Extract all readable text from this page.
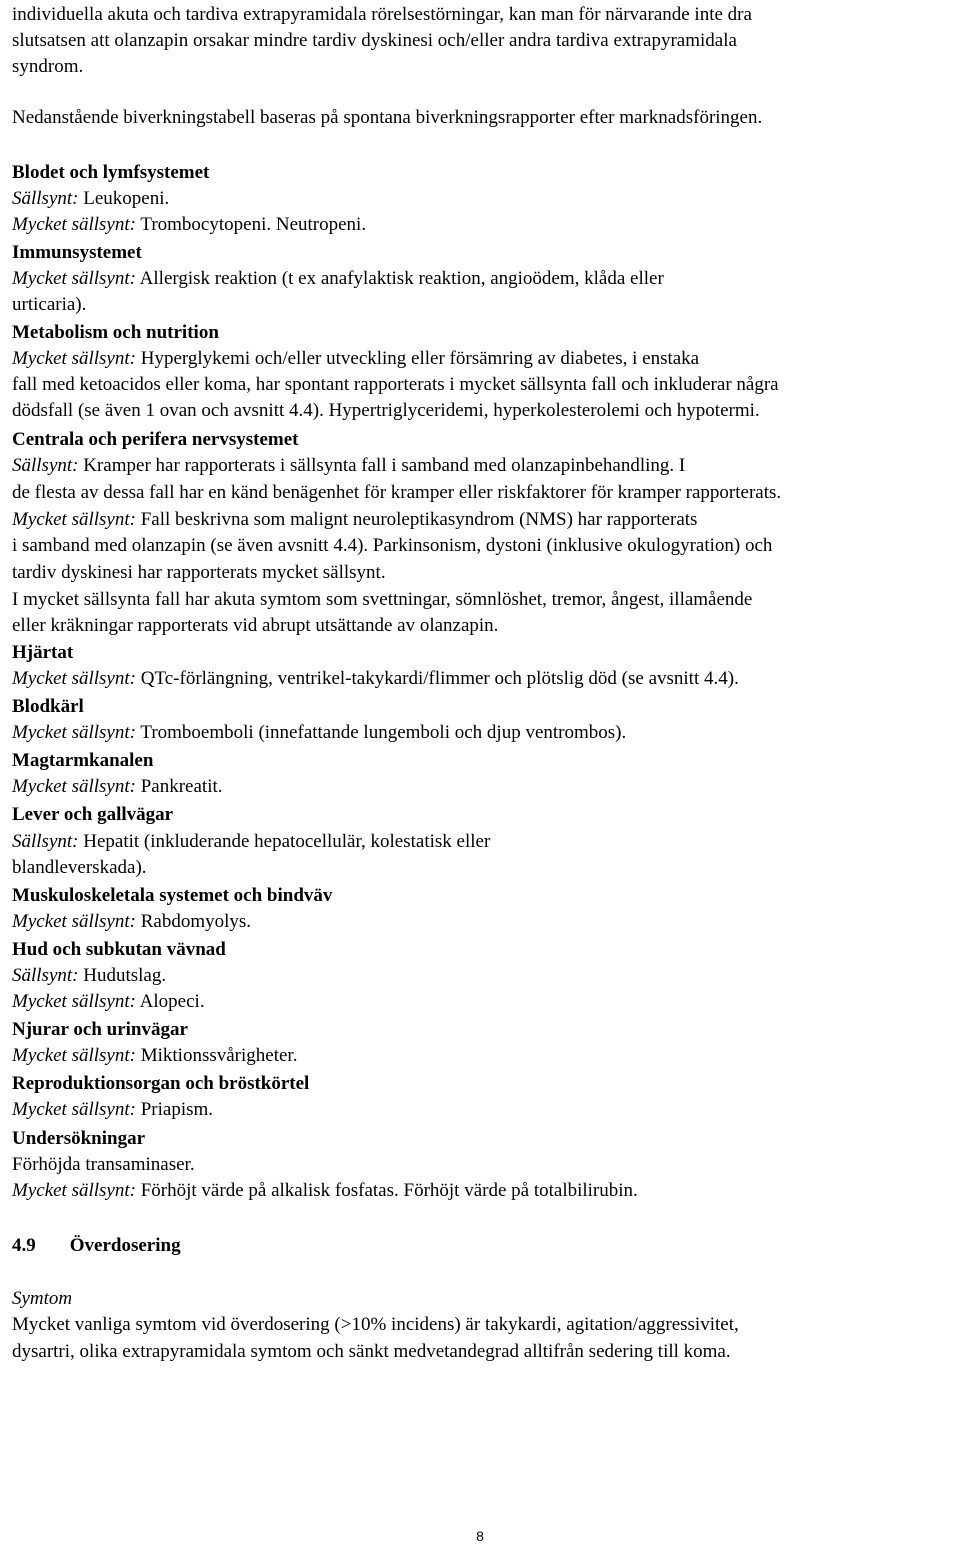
individuella akuta och tardiva extrapyramidala rörelsestörningar, kan man för närvarande inte dra
slutsatsen att olanzapin orsakar mindre tardiv dyskinesi och/eller andra tardiva extrapyramidala
syndrom.
Nedanstående biverkningstabell baseras på spontana biverkningsrapporter efter marknadsföringen.
Blodet och lymfsystemet
Sällsynt: Leukopeni.
Mycket sällsynt: Trombocytopeni. Neutropeni.
Immunsystemet
Mycket sällsynt: Allergisk reaktion (t ex anafylaktisk reaktion, angioödem, klåda eller
urticaria).
Metabolism och nutrition
Mycket sällsynt: Hyperglykemi och/eller utveckling eller försämring av diabetes, i enstaka
fall med ketoacidos eller koma, har spontant rapporterats i mycket sällsynta fall och inkluderar några
dödsfall (se även 1 ovan och avsnitt 4.4). Hypertriglyceridemi, hyperkolesterolemi och hypotermi.
Centrala och perifera nervsystemet
Sällsynt: Kramper har rapporterats i sällsynta fall i samband med olanzapinbehandling. I
de flesta av dessa fall har en känd benägenhet för kramper eller riskfaktorer för kramper rapporterats.
Mycket sällsynt: Fall beskrivna som malignt neuroleptikasyndrom (NMS) har rapporterats
i samband med olanzapin (se även avsnitt 4.4). Parkinsonism, dystoni (inklusive okulogyration) och
tardiv dyskinesi har rapporterats mycket sällsynt.
I mycket sällsynta fall har akuta symtom som svettningar, sömnlöshet, tremor, ångest, illamående
eller kräkningar rapporterats vid abrupt utsättande av olanzapin.
Hjärtat
Mycket sällsynt: QTc-förlängning, ventrikel-takykardi/flimmer och plötslig död (se avsnitt 4.4).
Blodkärl
Mycket sällsynt: Tromboemboli (innefattande lungemboli och djup ventrombos).
Magtarmkanalen
Mycket sällsynt: Pankreatit.
Lever och gallvägar
Sällsynt: Hepatit (inkluderande hepatocellulär, kolestatisk eller
blandleverskada).
Muskuloskeletala systemet och bindväv
Mycket sällsynt: Rabdomyolys.
Hud och subkutan vävnad
Sällsynt: Hudutslag.
Mycket sällsynt: Alopeci.
Njurar och urinvägar
Mycket sällsynt: Miktionssvårigheter.
Reproduktionsorgan och bröstkörtel
Mycket sällsynt: Priapism.
Undersökningar
Förhöjda transaminaser.
Mycket sällsynt: Förhöjt värde på alkalisk fosfatas. Förhöjt värde på totalbilirubin.
4.9 Överdosering
Symtom
Mycket vanliga symtom vid överdosering (>10% incidens) är takykardi, agitation/aggressivitet,
dysartri, olika extrapyramidala symtom och sänkt medvetandegrad alltifrån sedering till koma.
8
